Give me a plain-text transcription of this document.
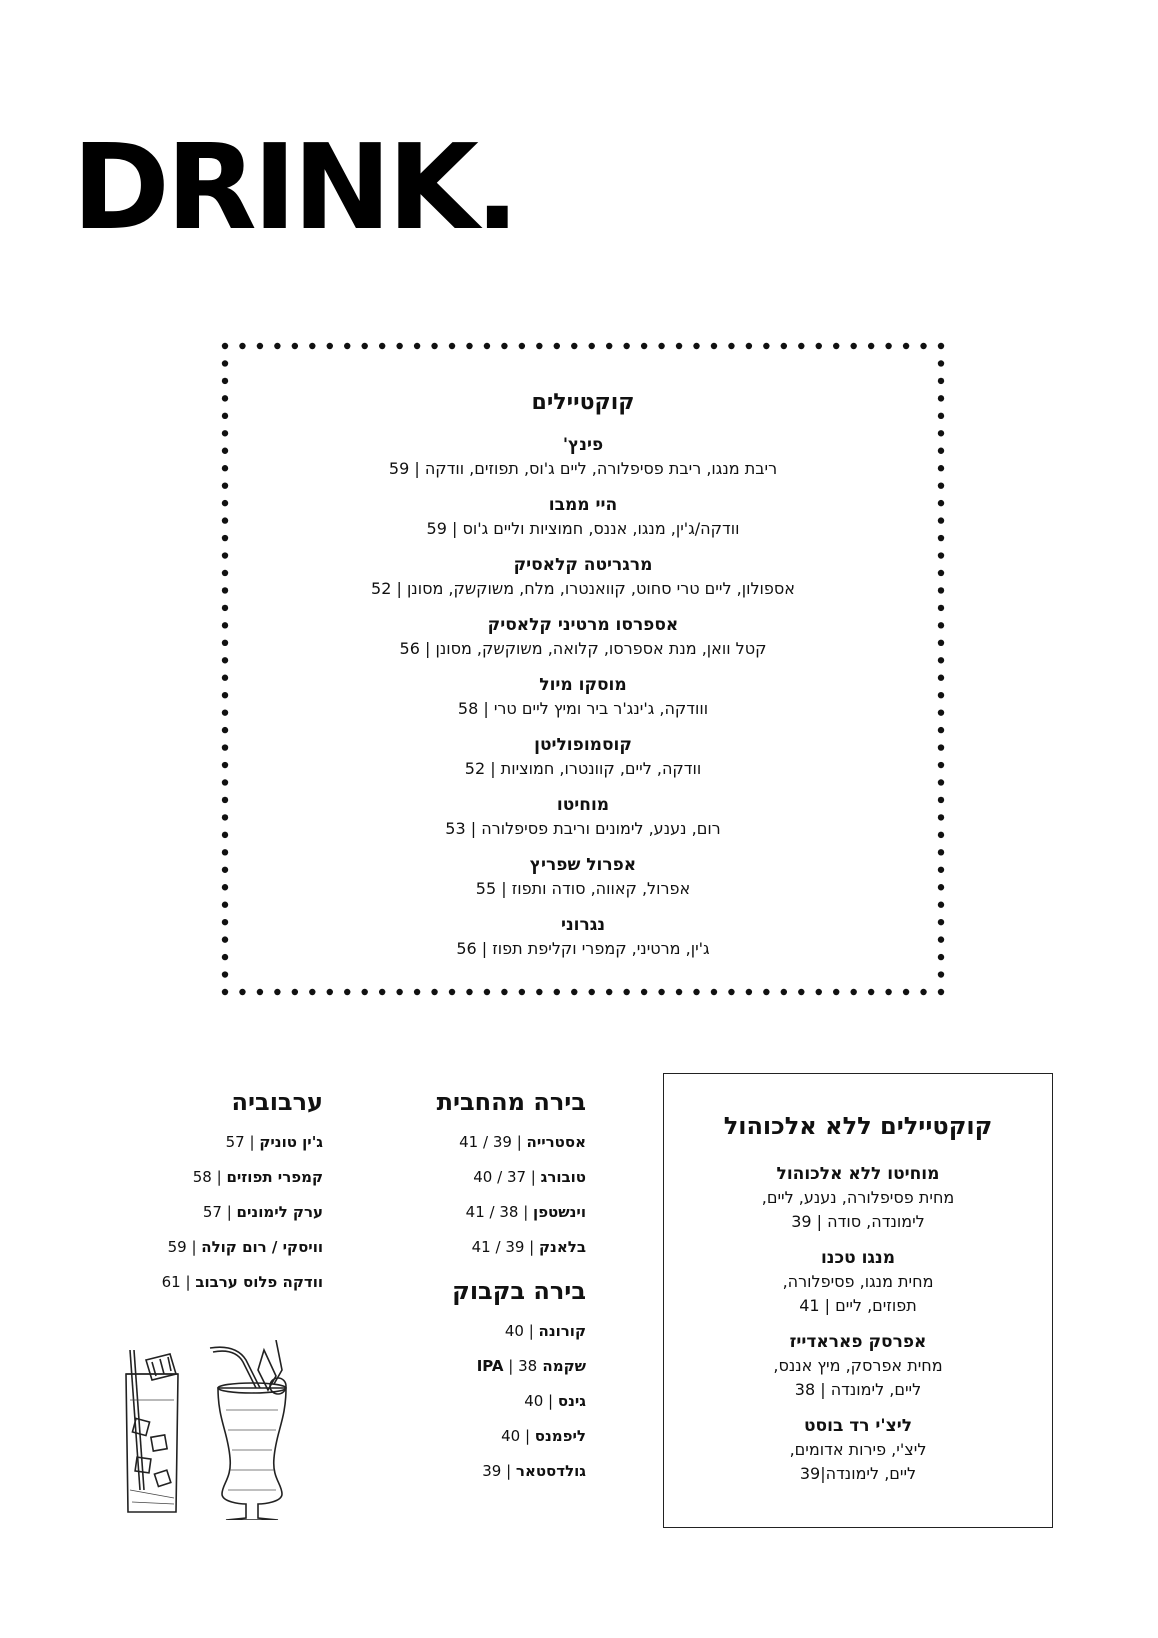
DRINK.
קוקטיילים
פינץ'
ריבת מנגו, ריבת פסיפלורה, ליים ג'וס, תפוזים, וודקה | 59
היי ממבו
וודקה/ג'ין, מנגו, אננס, חמוציות וליים ג'וס | 59
מרגריטה קלאסיק
אספולון, ליים טרי סחוט, קוואנטרו, מלח, משוקשק, מסונן | 52
אספרסו מרטיני קלאסיק
קטל וואן, מנת אספרסו, קלואה, משוקשק, מסונן | 56
מוסקו מיול
ווודקה, ג'ינג'ר ביר ומיץ ליים טרי | 58
קוסמופוליטן
וודקה, ליים, קוונטרו, חמוציות | 52
מוחיטו
רום, נענע, לימונים וריבת פסיפלורה | 53
אפרול שפריץ
אפרול, קאווה, סודה ותפוז | 55
נגרוני
ג'ין, מרטיני, קמפרי וקליפת תפוז | 56
ערבוביה
ג'ין טוניק | 57
קמפרי תפוזים | 58
ערק לימונים | 57
וויסקי / רום קולה | 59
וודקה פלוס ערבוב | 61
בירה מהחבית
אסטרייה | 39 / 41
טובורג | 37 / 40
וינשטפן | 38 / 41
בלאנק | 39 / 41
בירה בקבוק
קורונה | 40
שקמה IPA | 38
גינס | 40
ליפמנס | 40
גולדסטאר | 39
קוקטיילים ללא אלכוהול
מוחיטו ללא אלכוהול
מחית פסיפלורה, נענע, ליים,
לימונדה, סודה | 39
מנגו טכנו
מחית מנגו, פסיפלורה,
תפוזים, ליים | 41
אפרסק פאראדייז
מחית אפרסק, מיץ אננס,
ליים, לימונדה | 38
ליצ'י רד בוסט
ליצ'י, פירות אדומים,
ליים, לימונדה|39
